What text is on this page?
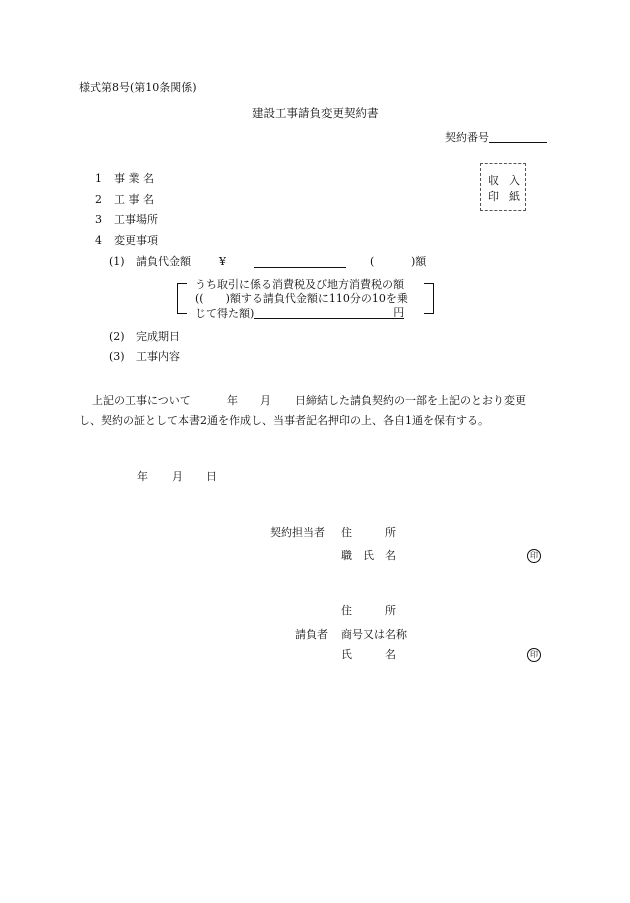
様式第8号(第10条関係)
建設工事請負変更契約書
契約番号
収 入
印 紙
1 事 業 名
2 工 事 名
3 工事場所
4 変更事項
(1) 請負代金額	¥	(	)額
うち取引に係る消費税及び地方消費税の額
((　　)額する請負代金額に110分の10を乗
じて得た額)	円
(2) 完成期日
(3) 工事内容
上記の工事について	年 月 日締結した請負契約の一部を上記のとおり変更
し、契約の証として本書2通を作成し、当事者記名押印の上、各自1通を保有する。
年 月 日
契約担当者 住　　　所
職　氏　名	印
住　　　所
請負者 商号又は名称
氏　　　名	印
